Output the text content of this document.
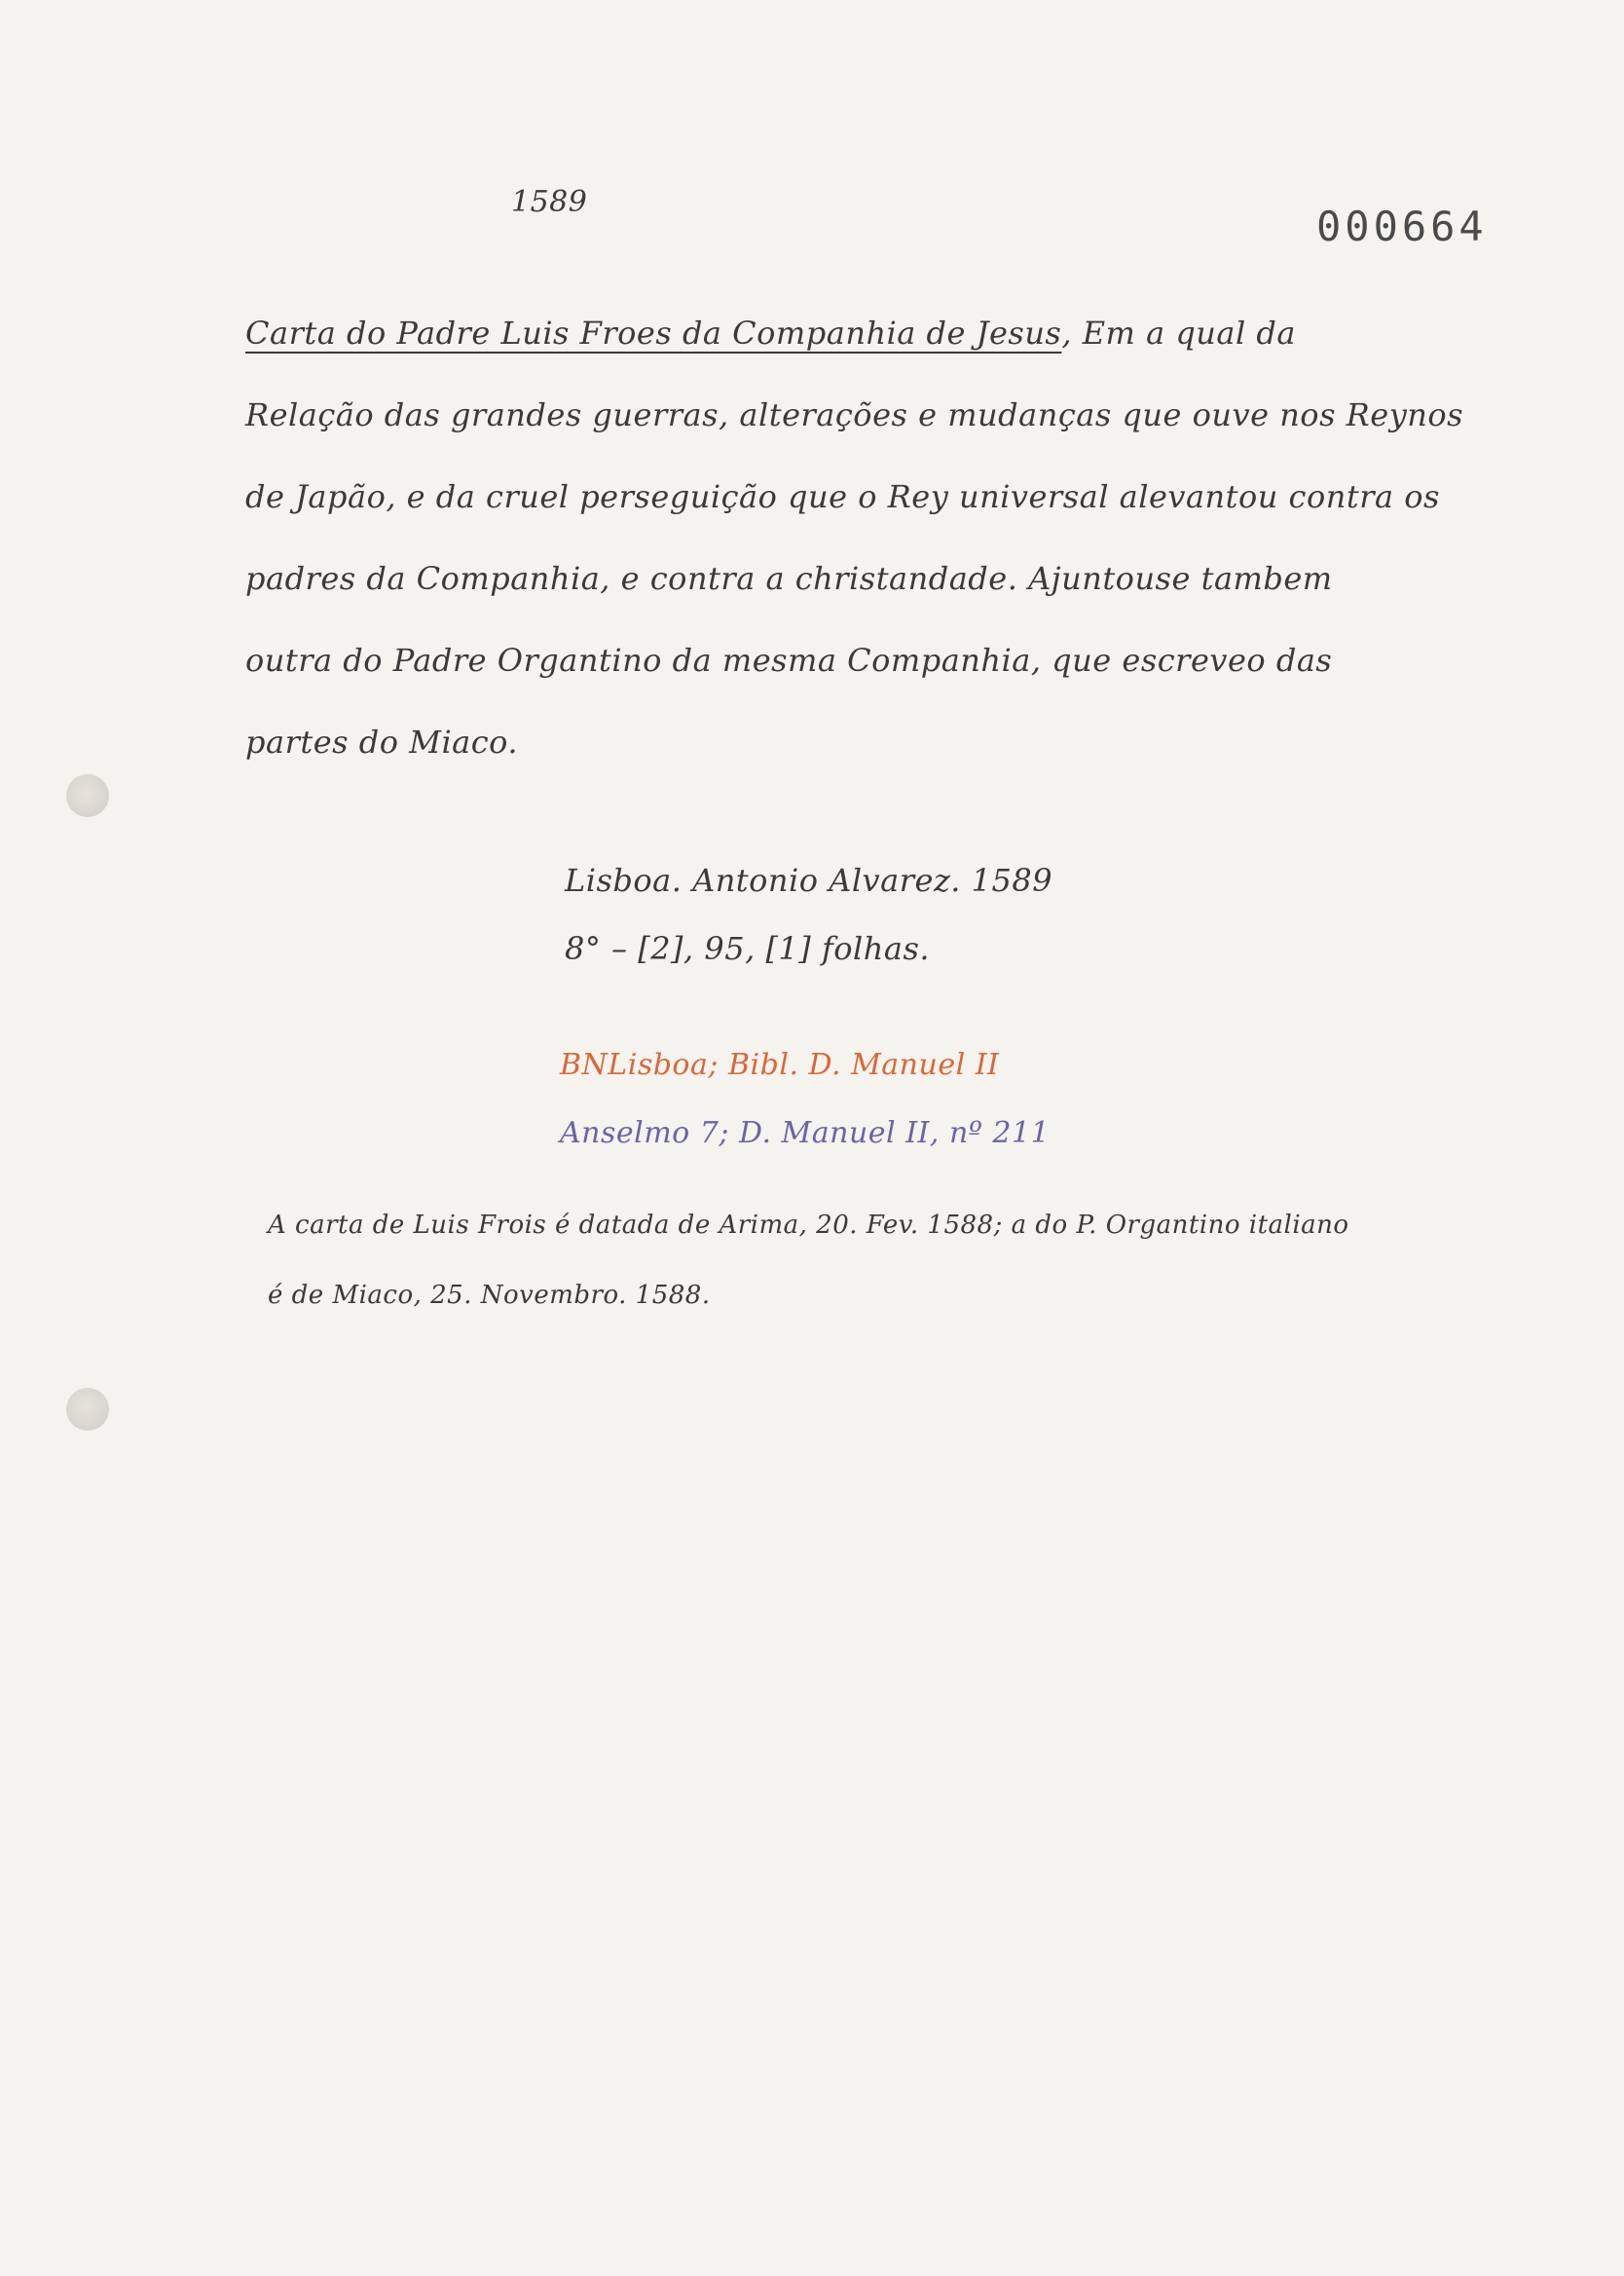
1589
000664
Carta do Padre Luis Froes da Companhia de Jesus, Em a qual da
Relação das grandes guerras, alterações e mudanças que ouve nos Reynos
de Japão, e da cruel perseguição que o Rey universal alevantou contra os
padres da Companhia, e contra a christandade. Ajuntouse tambem
outra do Padre Organtino da mesma Companhia, que escreveo das
partes do Miaco.
Lisboa. Antonio Alvarez. 1589
8° – [2], 95, [1] folhas.
BNLisboa; Bibl. D. Manuel II
Anselmo 7; D. Manuel II, nº 211
A carta de Luis Frois é datada de Arima, 20. Fev. 1588; a do P. Organtino italiano
é de Miaco, 25. Novembro. 1588.
